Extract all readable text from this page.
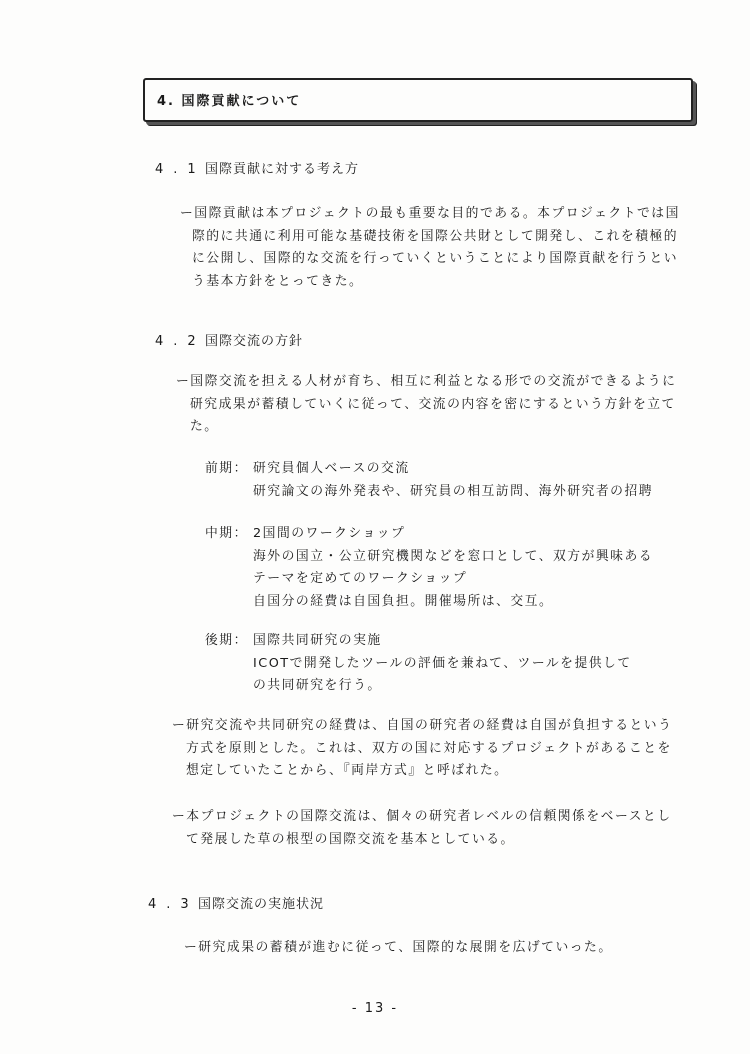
4. 国際貢献について
4.1国際貢献に対する考え方
ー国際貢献は本プロジェクトの最も重要な目的である。本プロジェクトでは国
際的に共通に利用可能な基礎技術を国際公共財として開発し、これを積極的
に公開し、国際的な交流を行っていくということにより国際貢献を行うとい
う基本方針をとってきた。
4.2国際交流の方針
ー国際交流を担える人材が育ち、相互に利益となる形での交流ができるように
研究成果が蓄積していくに従って、交流の内容を密にするという方針を立て
た。
前期： 研究員個人ベースの交流
研究論文の海外発表や、研究員の相互訪問、海外研究者の招聘
中期： 2国間のワークショップ
海外の国立・公立研究機関などを窓口として、双方が興味ある
テーマを定めてのワークショップ
自国分の経費は自国負担。開催場所は、交互。
後期： 国際共同研究の実施
ICOTで開発したツールの評価を兼ねて、ツールを提供して
の共同研究を行う。
ー研究交流や共同研究の経費は、自国の研究者の経費は自国が負担するという
方式を原則とした。これは、双方の国に対応するプロジェクトがあることを
想定していたことから、『両岸方式』と呼ばれた。
ー本プロジェクトの国際交流は、個々の研究者レベルの信頼関係をベースとし
て発展した草の根型の国際交流を基本としている。
4.3国際交流の実施状況
ー研究成果の蓄積が進むに従って、国際的な展開を広げていった。
- 13 -
